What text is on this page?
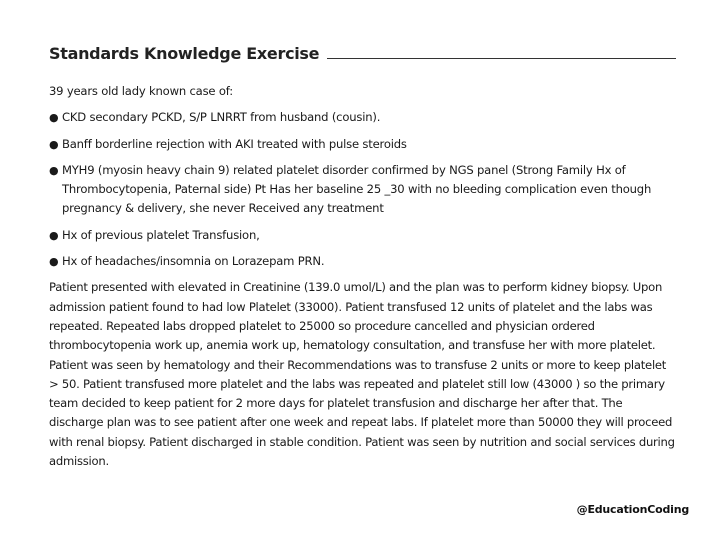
Standards Knowledge Exercise

39 years old lady known case of:

● CKD secondary PCKD, S/P LNRRT from husband (cousin).
● Banff borderline rejection with AKI treated with pulse steroids
● MYH9 (myosin heavy chain 9) related platelet disorder confirmed by NGS panel (Strong Family Hx of Thrombocytopenia, Paternal side) Pt Has her baseline 25 _30 with no bleeding complication even though pregnancy & delivery, she never Received any treatment
● Hx of previous platelet Transfusion,
● Hx of headaches/insomnia on Lorazepam PRN.

Patient presented with elevated in Creatinine (139.0 umol/L) and the plan was to perform kidney biopsy. Upon admission patient found to had low Platelet (33000). Patient transfused 12 units of platelet and the labs was repeated. Repeated labs dropped platelet to 25000 so procedure cancelled and physician ordered thrombocytopenia work up, anemia work up, hematology consultation, and transfuse her with more platelet. Patient was seen by hematology and their Recommendations was to transfuse 2 units or more to keep platelet > 50. Patient transfused more platelet and the labs was repeated and platelet still low (43000 ) so the primary team decided to keep patient for 2 more days for platelet transfusion and discharge her after that. The discharge plan was to see patient after one week and repeat labs. If platelet more than 50000 they will proceed with renal biopsy. Patient discharged in stable condition. Patient was seen by nutrition and social services during admission.

@EducationCoding
